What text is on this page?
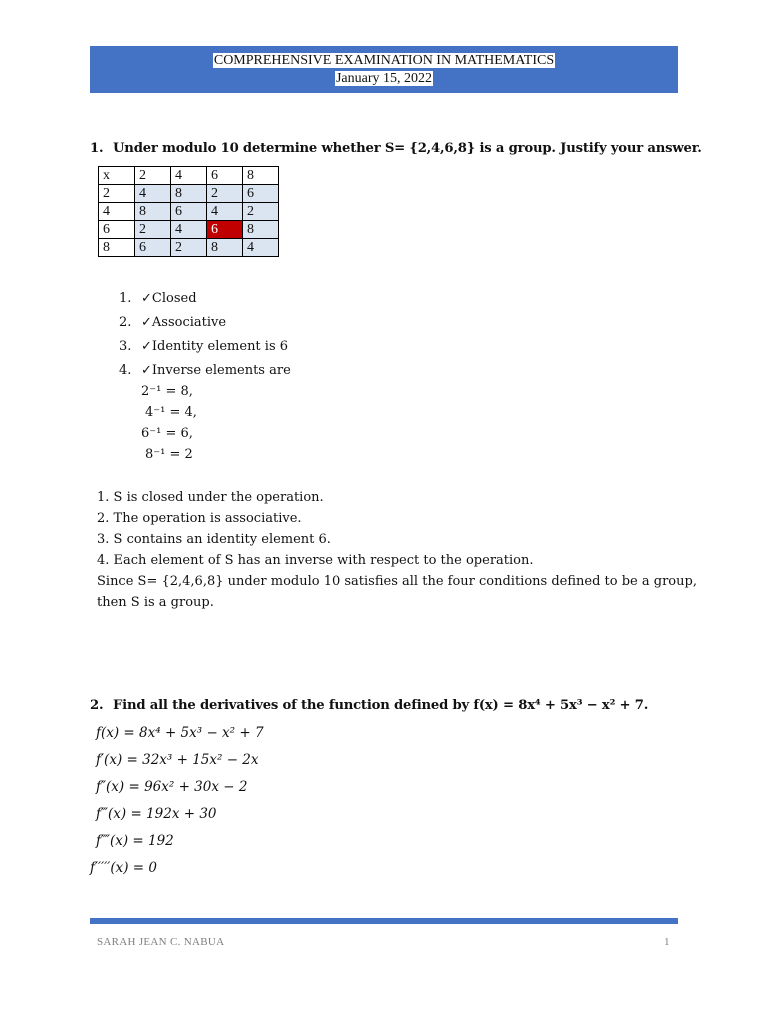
COMPREHENSIVE EXAMINATION IN MATHEMATICS
January 15, 2022
1. Under modulo 10 determine whether S= {2,4,6,8} is a group. Justify your answer.
x	2	4	6	8
2	4	8	2	6
4	8	6	4	2
6	2	4	6	8
8	6	2	8	4
1. ✓Closed
2. ✓Associative
3. ✓Identity element is 6
4. ✓Inverse elements are
2⁻¹ = 8,
4⁻¹ = 4,
6⁻¹ = 6,
8⁻¹ = 2
1. S is closed under the operation.
2. The operation is associative.
3. S contains an identity element 6.
4. Each element of S has an inverse with respect to the operation.
Since S= {2,4,6,8} under modulo 10 satisfies all the four conditions defined to be a group,
then S is a group.
2. Find all the derivatives of the function defined by f(x) = 8x⁴ + 5x³ − x² + 7.
f(x) = 8x⁴ + 5x³ − x² + 7
f′(x) = 32x³ + 15x² − 2x
f″(x) = 96x² + 30x − 2
f‴(x) = 192x + 30
f⁗(x) = 192
f′′′′′(x) = 0
SARAH JEAN C. NABUA	1
